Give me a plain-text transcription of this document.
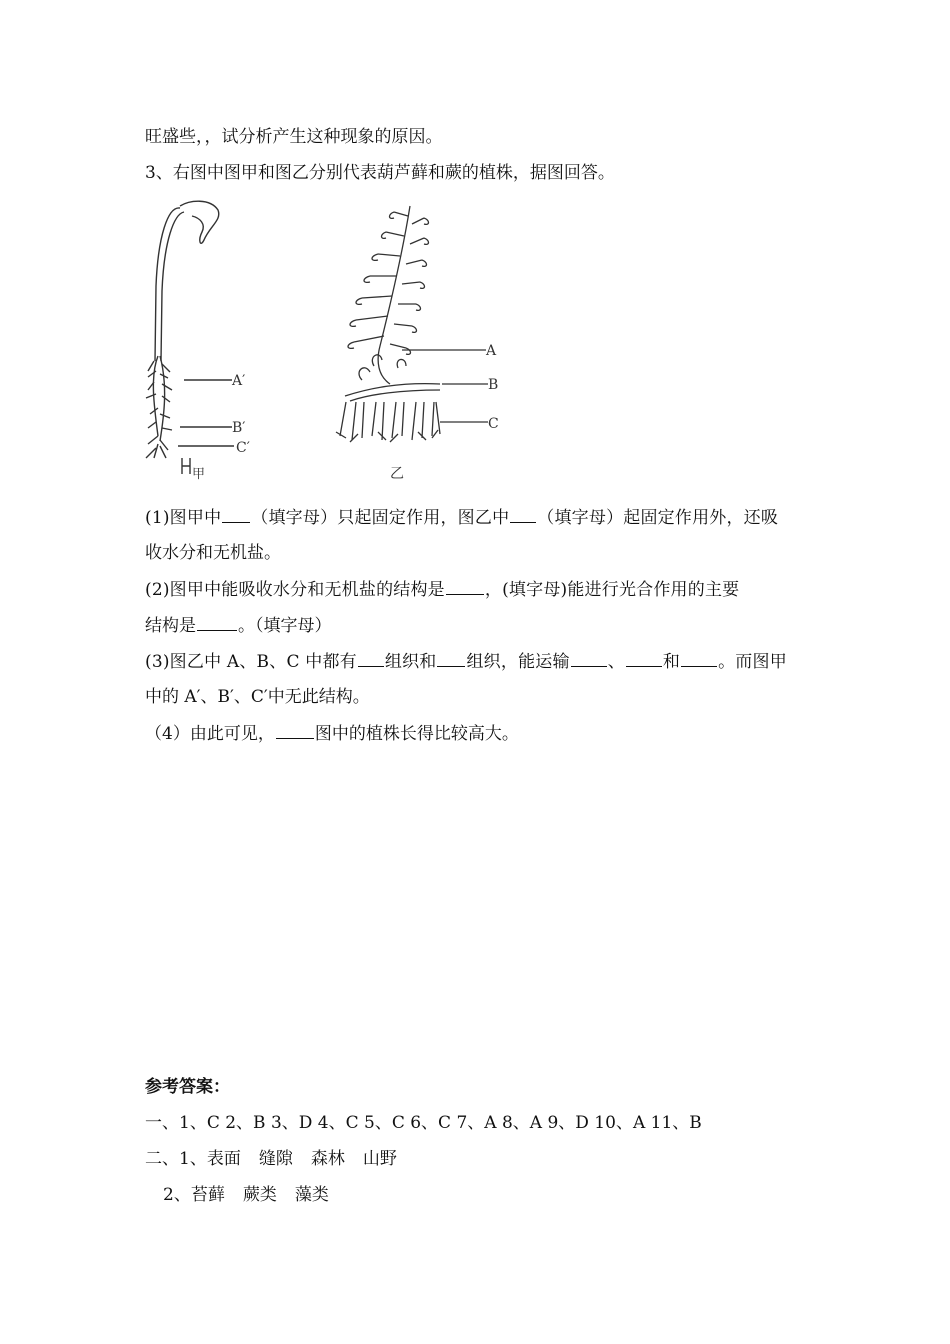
旺盛些，，试分析产生这种现象的原因。
3、右图中图甲和图乙分别代表葫芦藓和蕨的植株，据图回答。
A′
B′
C′
甲
A
B
C
乙
(1)图甲中 （填字母）只起固定作用，图乙中 （填字母）起固定作用外，还吸
收水分和无机盐。
(2)图甲中能吸收水分和无机盐的结构是 ，(填字母)能进行光合作用的主要
结构是 。（填字母）
(3)图乙中 A、B、C 中都有 组织和 组织，能运输 、 和 。而图甲
中的 A′、B′、C′中无此结构。
（4）由此可见， 图中的植株长得比较高大。
参考答案：
一、1、C 2、B 3、D 4、C 5、C 6、C 7、A 8、A 9、D 10、A 11、B
二、1、表面 缝隙 森林 山野
2、苔藓 蕨类 藻类
